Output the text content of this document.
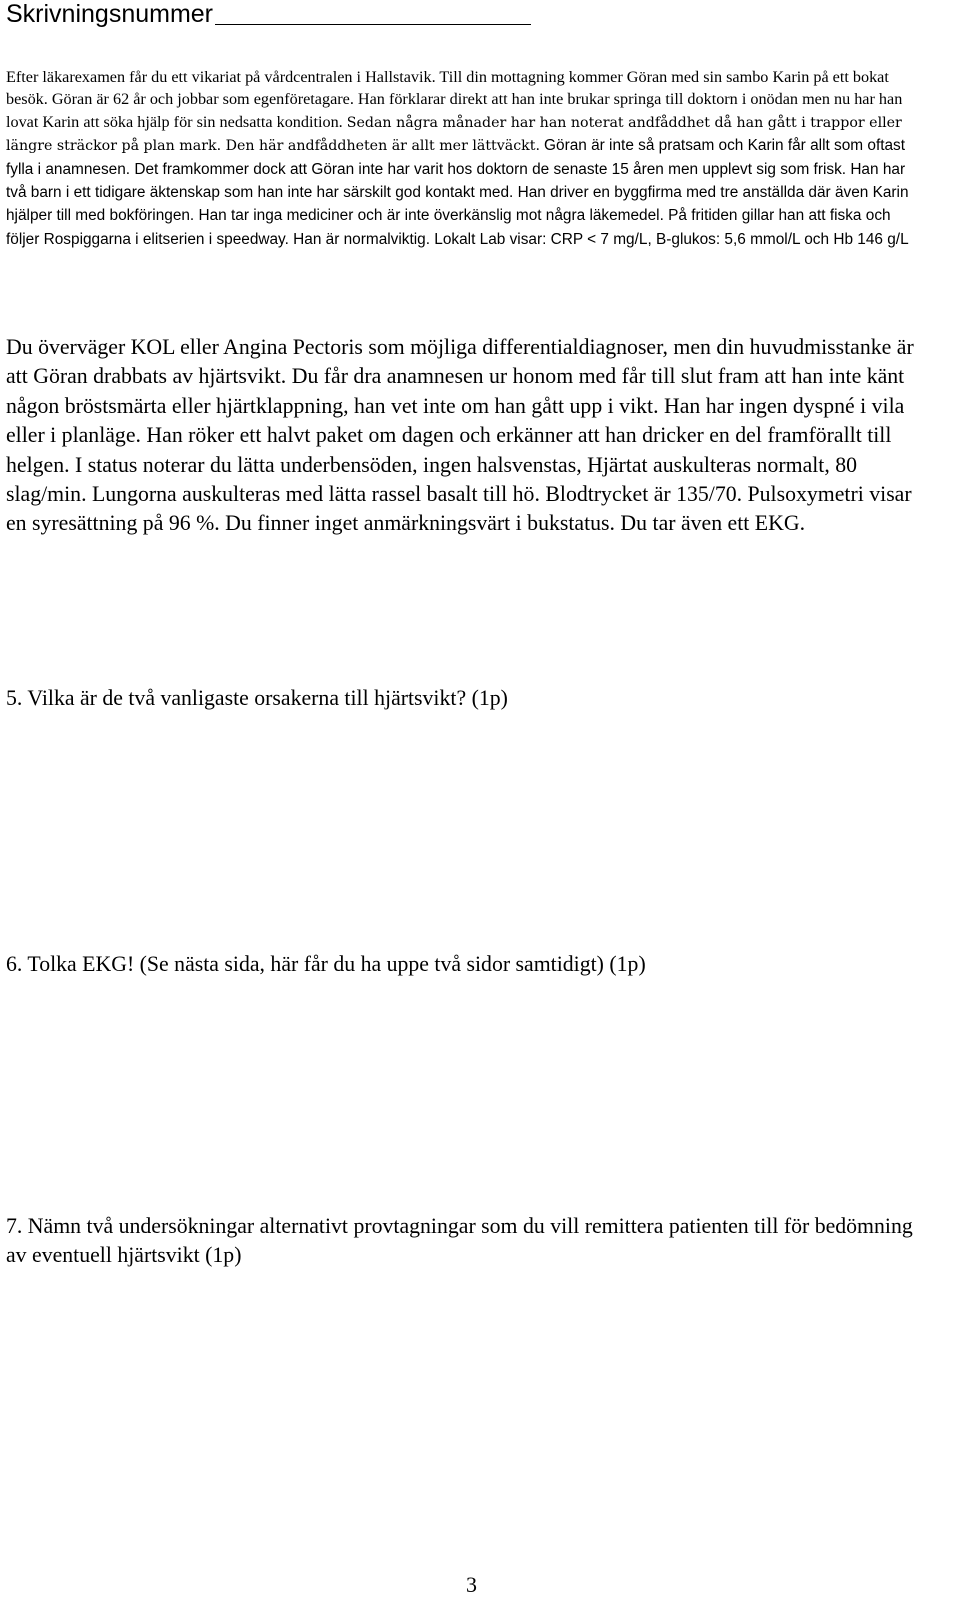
Skrivningsnummer

Efter läkarexamen får du ett vikariat på vårdcentralen i Hallstavik. Till din mottagning kommer Göran med sin sambo Karin på ett bokat besök. Göran är 62 år och jobbar som egenföretagare. Han förklarar direkt att han inte brukar springa till doktorn i onödan men nu har han lovat Karin att söka hjälp för sin nedsatta kondition. Sedan några månader har han noterat andfåddhet då han gått i trappor eller längre sträckor på plan mark. Den här andfåddheten är allt mer lättväckt. Göran är inte så pratsam och Karin får allt som oftast fylla i anamnesen. Det framkommer dock att Göran inte har varit hos doktorn de senaste 15 åren men upplevt sig som frisk. Han har två barn i ett tidigare äktenskap som han inte har särskilt god kontakt med. Han driver en byggfirma med tre anställda där även Karin hjälper till med bokföringen. Han tar inga mediciner och är inte överkänslig mot några läkemedel. På fritiden gillar han att fiska och följer Rospiggarna i elitserien i speedway. Han är normalviktig. Lokalt Lab visar: CRP < 7 mg/L, B-glukos: 5,6 mmol/L och Hb 146 g/L

Du överväger KOL eller Angina Pectoris som möjliga differentialdiagnoser, men din huvudmisstanke är att Göran drabbats av hjärtsvikt. Du får dra anamnesen ur honom med får till slut fram att han inte känt någon bröstsmärta eller hjärtklappning, han vet inte om han gått upp i vikt. Han har ingen dyspné i vila eller i planläge. Han röker ett halvt paket om dagen och erkänner att han dricker en del framförallt till helgen. I status noterar du lätta underbensöden, ingen halsvenstas, Hjärtat auskulteras normalt, 80 slag/min. Lungorna auskulteras med lätta rassel basalt till hö. Blodtrycket är 135/70. Pulsoxymetri visar en syresättning på 96 %. Du finner inget anmärkningsvärt i bukstatus. Du tar även ett EKG.

5. Vilka är de två vanligaste orsakerna till hjärtsvikt? (1p)

6. Tolka EKG! (Se nästa sida, här får du ha uppe två sidor samtidigt) (1p)

7. Nämn två undersökningar alternativt provtagningar som du vill remittera patienten till för bedömning av eventuell hjärtsvikt (1p)

3
